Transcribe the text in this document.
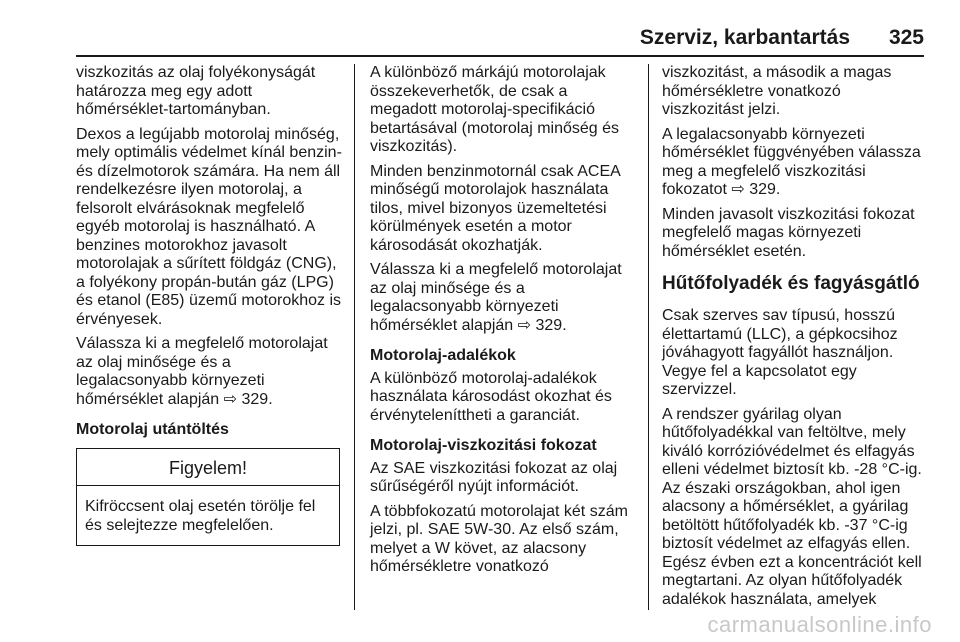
Szerviz, karbantartás 325

viszkozitás az olaj folyékonyságát
határozza meg egy adott
hőmérséklet-tartományban.

Dexos a legújabb motorolaj minőség,
mely optimális védelmet kínál benzin-
és dízelmotorok számára. Ha nem áll
rendelkezésre ilyen motorolaj, a
felsorolt elvárásoknak megfelelő
egyéb motorolaj is használható. A
benzines motorokhoz javasolt
motorolajak a sűrített földgáz (CNG),
a folyékony propán-bután gáz (LPG)
és etanol (E85) üzemű motorokhoz is
érvényesek.

Válassza ki a megfelelő motorolajat
az olaj minősége és a
legalacsonyabb környezeti
hőmérséklet alapján ⇨ 329.

Motorolaj utántöltés

Figyelem!
Kifröccsent olaj esetén törölje fel
és selejtezze megfelelően.

A különböző márkájú motorolajak
összekeverhetők, de csak a
megadott motorolaj-specifikáció
betartásával (motorolaj minőség és
viszkozitás).

Minden benzinmotornál csak ACEA
minőségű motorolajok használata
tilos, mivel bizonyos üzemeltetési
körülmények esetén a motor
károsodását okozhatják.

Válassza ki a megfelelő motorolajat
az olaj minősége és a
legalacsonyabb környezeti
hőmérséklet alapján ⇨ 329.

Motorolaj-adalékok

A különböző motorolaj-adalékok
használata károsodást okozhat és
érvényteleníttheti a garanciát.

Motorolaj-viszkozitási fokozat

Az SAE viszkozitási fokozat az olaj
sűrűségéről nyújt információt.

A többfokozatú motorolajat két szám
jelzi, pl. SAE 5W-30. Az első szám,
melyet a W követ, az alacsony
hőmérsékletre vonatkozó

viszkozitást, a második a magas
hőmérsékletre vonatkozó
viszkozitást jelzi.

A legalacsonyabb környezeti
hőmérséklet függvényében válassza
meg a megfelelő viszkozitási
fokozatot ⇨ 329.

Minden javasolt viszkozitási fokozat
megfelelő magas környezeti
hőmérséklet esetén.

Hűtőfolyadék és fagyásgátló

Csak szerves sav típusú, hosszú
élettartamú (LLC), a gépkocsihoz
jóváhagyott fagyállót használjon.
Vegye fel a kapcsolatot egy
szervizzel.

A rendszer gyárilag olyan
hűtőfolyadékkal van feltöltve, mely
kiváló korrózióvédelmet és elfagyás
elleni védelmet biztosít kb. -28 °C-ig.
Az északi országokban, ahol igen
alacsony a hőmérséklet, a gyárilag
betöltött hűtőfolyadék kb. -37 °C-ig
biztosít védelmet az elfagyás ellen.
Egész évben ezt a koncentrációt kell
megtartani. Az olyan hűtőfolyadék
adalékok használata, amelyek

carmanualsonline.info
